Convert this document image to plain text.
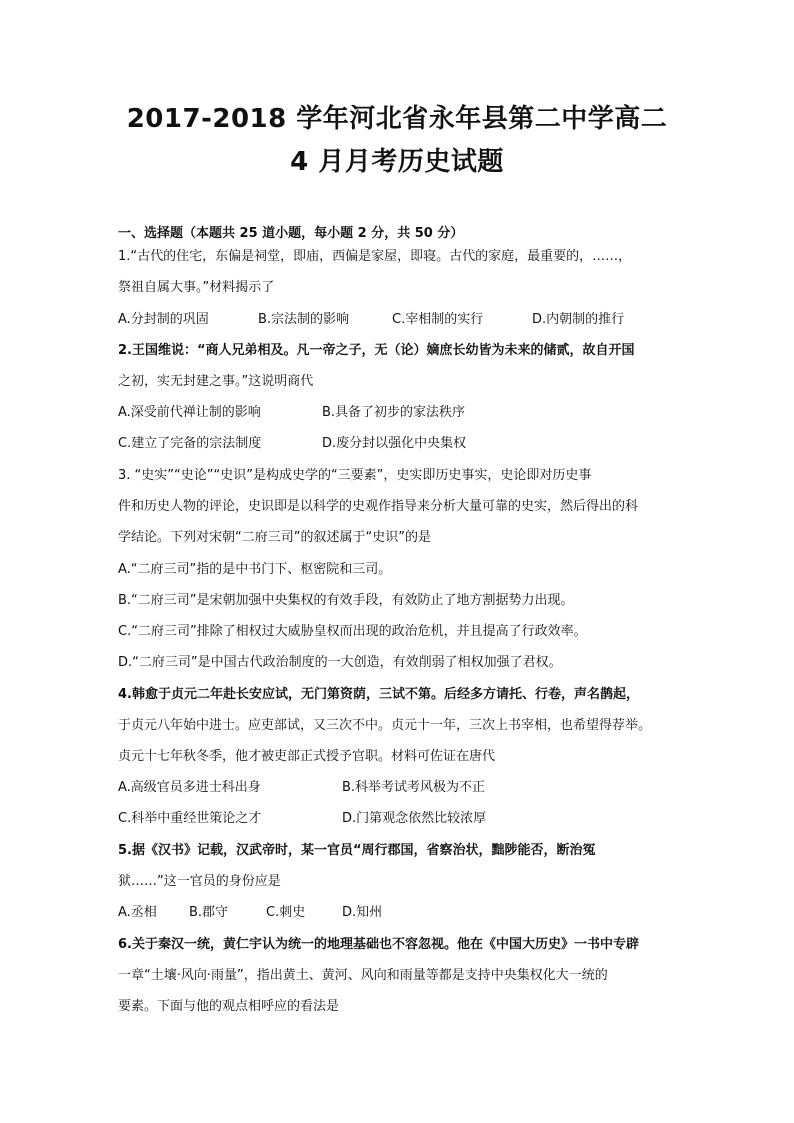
2017-2018 学年河北省永年县第二中学高二
4 月月考历史试题
一、选择题（本题共 25 道小题，每小题 2 分，共 50 分）
1.“古代的住宅，东偏是祠堂，即庙，西偏是家屋，即寝。古代的家庭，最重要的，……，
祭祖自属大事。”材料揭示了
A.分封制的巩固	B.宗法制的影响	C.宰相制的实行	D.内朝制的推行
2.王国维说：“商人兄弟相及。凡一帝之子，无（论）嫡庶长幼皆为未来的储贰，故自开国
之初，实无封建之事。”这说明商代
A.深受前代禅让制的影响	B.具备了初步的家法秩序
C.建立了完备的宗法制度	D.废分封以强化中央集权
3. “史实”“史论”“史识”是构成史学的“三要素”，史实即历史事实，史论即对历史事
件和历史人物的评论，史识即是以科学的史观作指导来分析大量可靠的史实，然后得出的科
学结论。下列对宋朝“二府三司”的叙述属于“史识”的是
A.“二府三司”指的是中书门下、枢密院和三司。
B.“二府三司”是宋朝加强中央集权的有效手段，有效防止了地方割据势力出现。
C.“二府三司”排除了相权过大威胁皇权而出现的政治危机，并且提高了行政效率。
D.“二府三司”是中国古代政治制度的一大创造，有效削弱了相权加强了君权。
4.韩愈于贞元二年赴长安应试，无门第资荫，三试不第。后经多方请托、行卷，声名鹊起，
于贞元八年始中进士。应吏部试，又三次不中。贞元十一年，三次上书宰相，也希望得荐举。
贞元十七年秋冬季，他才被吏部正式授予官职。材料可佐证在唐代
A.高级官员多进士科出身	B.科举考试考风极为不正
C.科举中重经世策论之才	D.门第观念依然比较浓厚
5.据《汉书》记载，汉武帝时，某一官员“周行郡国，省察治状，黜陟能否，断治冤
狱……”这一官员的身份应是
A.丞相 B.郡守	C.刺史	D.知州
6.关于秦汉一统，黄仁宇认为统一的地理基础也不容忽视。他在《中国大历史》一书中专辟
一章“土壤·风向·雨量”，指出黄土、黄河、风向和雨量等都是支持中央集权化大一统的
要素。下面与他的观点相呼应的看法是
